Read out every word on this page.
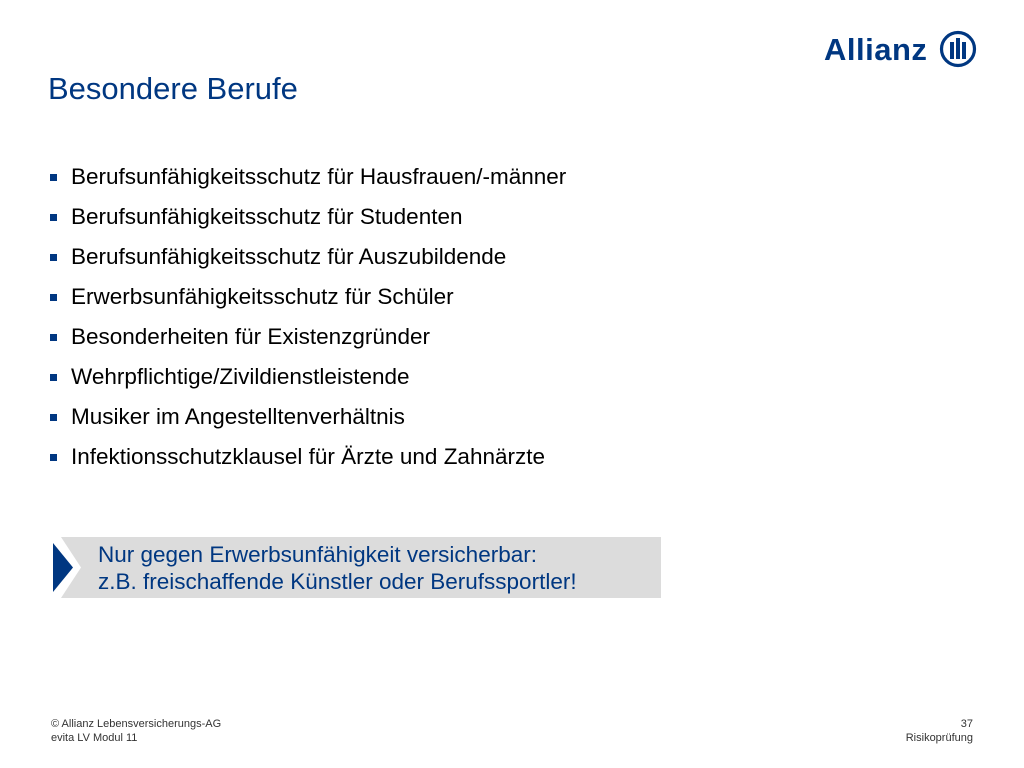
Allianz
Besondere Berufe
Berufsunfähigkeitsschutz für Hausfrauen/-männer
Berufsunfähigkeitsschutz für Studenten
Berufsunfähigkeitsschutz für Auszubildende
Erwerbsunfähigkeitsschutz für Schüler
Besonderheiten für Existenzgründer
Wehrpflichtige/Zivildienstleistende
Musiker im Angestelltenverhältnis
Infektionsschutzklausel für Ärzte und Zahnärzte
Nur gegen Erwerbsunfähigkeit versicherbar:
z.B. freischaffende Künstler oder Berufssportler!
© Allianz Lebensversicherungs-AG
evita LV Modul 11
37
Risikoprüfung
